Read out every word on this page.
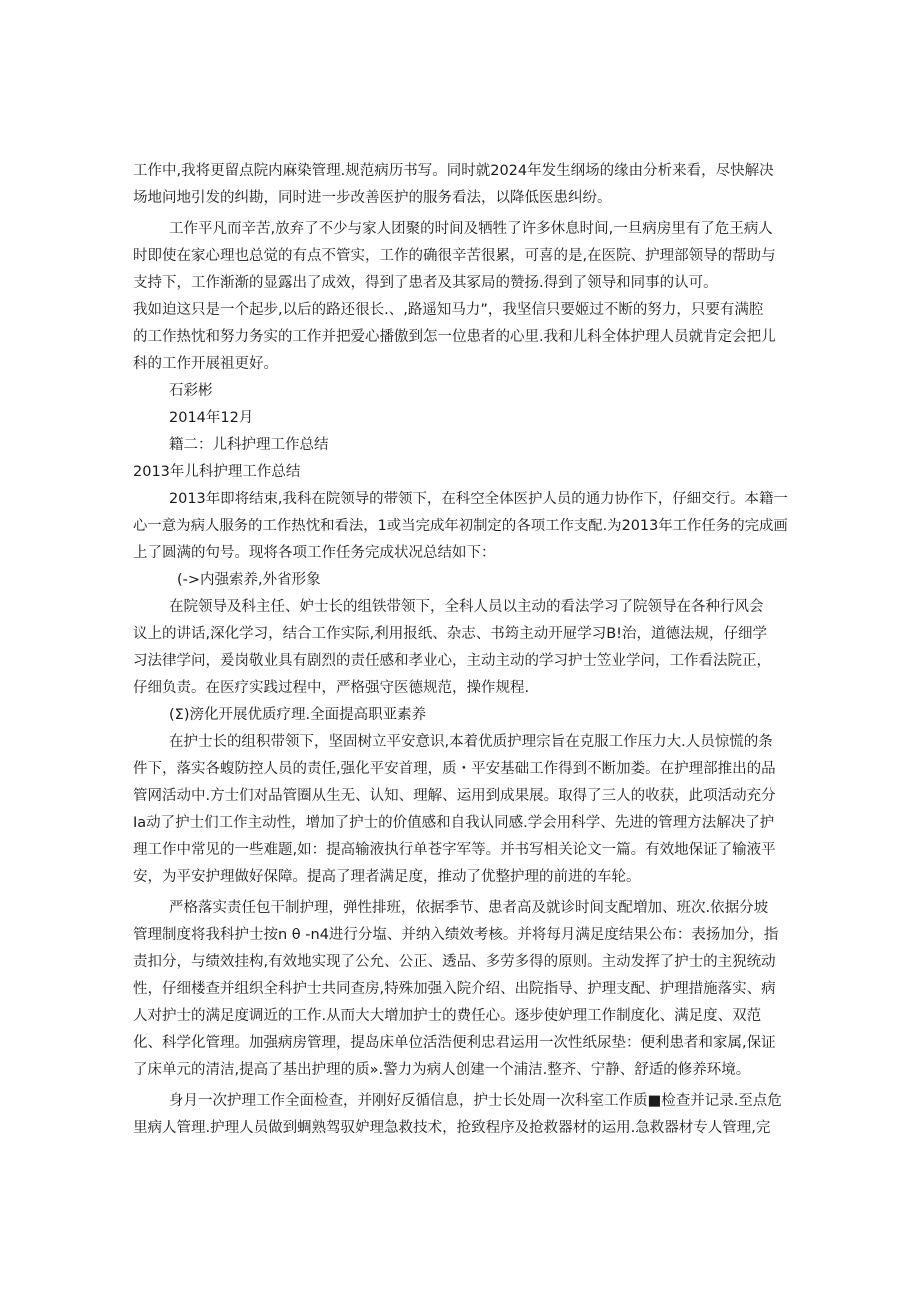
工作中,我将更留点院内麻染管理.规范病历书写。同时就2024年发生纲场的缘由分析来看，尽快解决
场地问地引发的纠勘，同时进一步改善医护的服务看法，以降低医患纠纷。
工作平凡而辛苦,放弃了不少与家人团聚的时间及牺牲了许多休息时间,一旦病房里有了危王病人
时即使在家心理也总觉的有点不管实，工作的确很辛苦很累，可喜的是,在医院、护理部领导的帮助与
支持下，工作渐渐的显露出了成效，得到了患者及其冢局的赞扬.得到了领导和同事的认可。
我如迫这只是一个起步,以后的路还很长.、,路遥知马力”，我坚信只要姬过不断的努力，只要有满腔
的工作热忱和努力务实的工作并把爱心播傲到怎一位患者的心里.我和儿科全体护理人员就肯定会把儿
科的工作开展祖更好。
石彩彬
2014年12月
籍二：儿科护理工作总结
2013年儿科护理工作总结
2013年即将结束,我科在院领导的带领下，在科空全体医护人员的通力协作下，仔細交行。本籍一
心一意为病人服务的工作热忱和看法，1或当完成年初制定的各项工作支配.为2013年工作任务的完成画
上了圆满的句号。现将各项工作任务完成状况总结如下：
(->内强索养,外省形象
在院领导及科主任、妒士长的组铁带领下，全科人员以主动的看法学习了院领导在各种行风会
议上的讲话,深化学习，结合工作实际,利用报纸、杂志、书筠主动开屉学习B!治，道德法规，仔细学
习法律学问，爰岗敬业具有剧烈的责任感和孝业心，主动主动的学习护士笠业学问，工作看法院正，
仔细负责。在医疗实践过程中，严格强守医德规范，操作规程.
(Σ)滂化开展优质疗理.全面提高职亚素养
在护士长的组积带领下，坚固树立平安意识,本着优质护理宗旨在克服工作压力大.人员惊慌的条
件下，落实各蝮防控人员的责任,强化平安首理，质・平安基础工作得到不断加娄。在护理部推出的品
管网活动中.方士们对品管圈从生无、认知、理解、运用到成果展。取得了三人的收获，此项活动充分
Ia动了护士们工作主动性，增加了护士的价值感和自我认同感.学会用科学、先进的管理方法解决了护
理工作中常见的一些难题,如：提高输液执行单苍字军等。并书写相关论文一篇。有效地保证了输液平
安，为平安护理做好保障。提高了理者满足度，推动了优整护理的前进的车轮。
严格落实责任包干制护理，弹性排班，依据季节、患者高及就诊时间支配増加、班次.依据分坡
管理制度将我科护士按n θ -n4进行分塩、并纳入绩效考核。并将每月满足度结果公布：表扬加分，指
责扣分，与绩效挂构,有效地实现了公允、公正、透品、多劳多得的原则。主动发挥了护士的主猊统动
性，仔细楼查并组织全科护士共同查房,特殊加强入院介绍、出院指导、护理支配、护理措施落实、病
人对护士的满足度调近的工作.从而大大增加护士的费任心。逐步使妒理工作制度化、满足度、双范
化、科学化管理。加强病房管理，提岛床单位活浩便利忠君运用一次性纸尿垫：便利患者和家属,保证
了床单元的清洁,提高了基出护理的质».警力为病人创建一个浦洁.整齐、宁静、舒适的修养环境。
身月一次护理工作全面检查，并刚好反循信息，护士长处周一次科室工作质■检查并记录.至点危
里病人管理.护理人员做到蜩熟驾驭妒理急救技术，抢致程序及抢救器材的运用.急救器材专人管理,完
